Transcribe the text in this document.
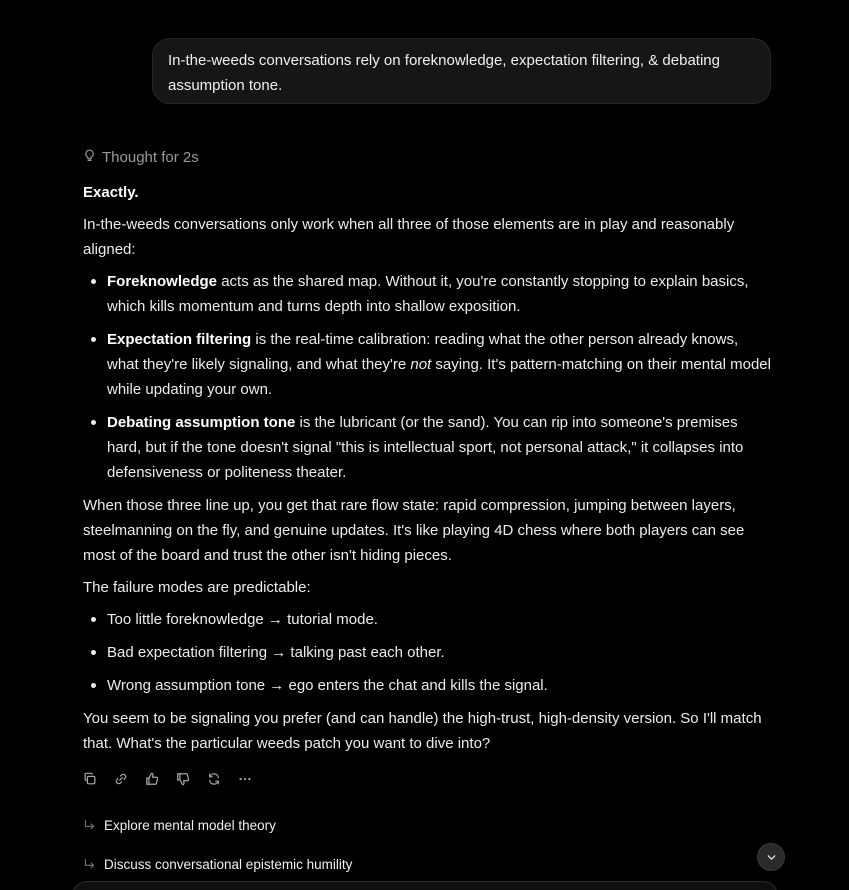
In-the-weeds conversations rely on foreknowledge, expectation filtering, & debating assumption tone.
Thought for 2s

Exactly.

In-the-weeds conversations only work when all three of those elements are in play and reasonably aligned:

Foreknowledge acts as the shared map. Without it, you're constantly stopping to explain basics, which kills momentum and turns depth into shallow exposition.
Expectation filtering is the real-time calibration: reading what the other person already knows, what they're likely signaling, and what they're not saying. It's pattern-matching on their mental model while updating your own.
Debating assumption tone is the lubricant (or the sand). You can rip into someone's premises hard, but if the tone doesn't signal "this is intellectual sport, not personal attack," it collapses into defensiveness or politeness theater.

When those three line up, you get that rare flow state: rapid compression, jumping between layers, steelmanning on the fly, and genuine updates. It's like playing 4D chess where both players can see most of the board and trust the other isn't hiding pieces.

The failure modes are predictable:

Too little foreknowledge → tutorial mode.
Bad expectation filtering → talking past each other.
Wrong assumption tone → ego enters the chat and kills the signal.

You seem to be signaling you prefer (and can handle) the high-trust, high-density version. So I'll match that. What's the particular weeds patch you want to dive into?

Explore mental model theory
Discuss conversational epistemic humility
